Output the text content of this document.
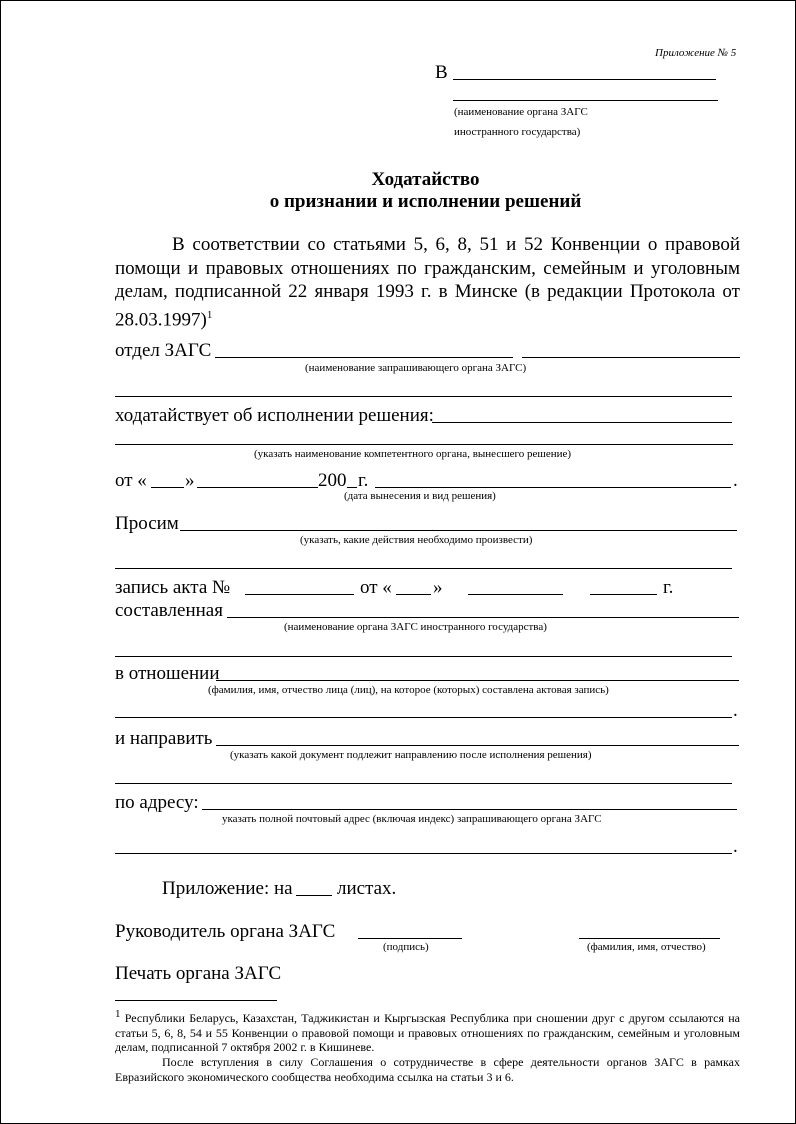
Приложение № 5
В
(наименование органа ЗАГС
иностранного государства)
Ходатайство
о признании и исполнении решений
В соответствии со статьями 5, 6, 8, 51 и 52 Конвенции о правовой помощи и правовых отношениях по гражданским, семейным и уголовным делам, подписанной 22 января 1993 г. в Минске (в редакции Протокола от 28.03.1997)$^1$
отдел ЗАГС
(наименование запрашивающего органа ЗАГС)
ходатайствует об исполнении решения:
(указать наименование компетентного органа, вынесшего решение)
от « »	200 г.	.
(дата вынесения и вид решения)
Просим
(указать, какие действия необходимо произвести)
запись акта №	от « »	г.
составленная
(наименование органа ЗАГС иностранного государства)
в отношении
(фамилия, имя, отчество лица (лиц), на которое (которых) составлена актовая запись)
.
и направить
(указать какой документ подлежит направлению после исполнения решения)
по адресу:
указать полной почтовый адрес (включая индекс) запрашивающего органа ЗАГС
.
Приложение: на листах.
Руководитель органа ЗАГС
(подпись)	(фамилия, имя, отчество)
Печать органа ЗАГС
$^1$ Республики Беларусь, Казахстан, Таджикистан и Кыргызская Республика при сношении друг с другом ссылаются на статьи 5, 6, 8, 54 и 55 Конвенции о правовой помощи и правовых отношениях по гражданским, семейным и уголовным делам, подписанной 7 октября 2002 г. в Кишиневе.
После вступления в силу Соглашения о сотрудничестве в сфере деятельности органов ЗАГС в рамках Евразийского экономического сообщества необходима ссылка на статьи 3 и 6.
